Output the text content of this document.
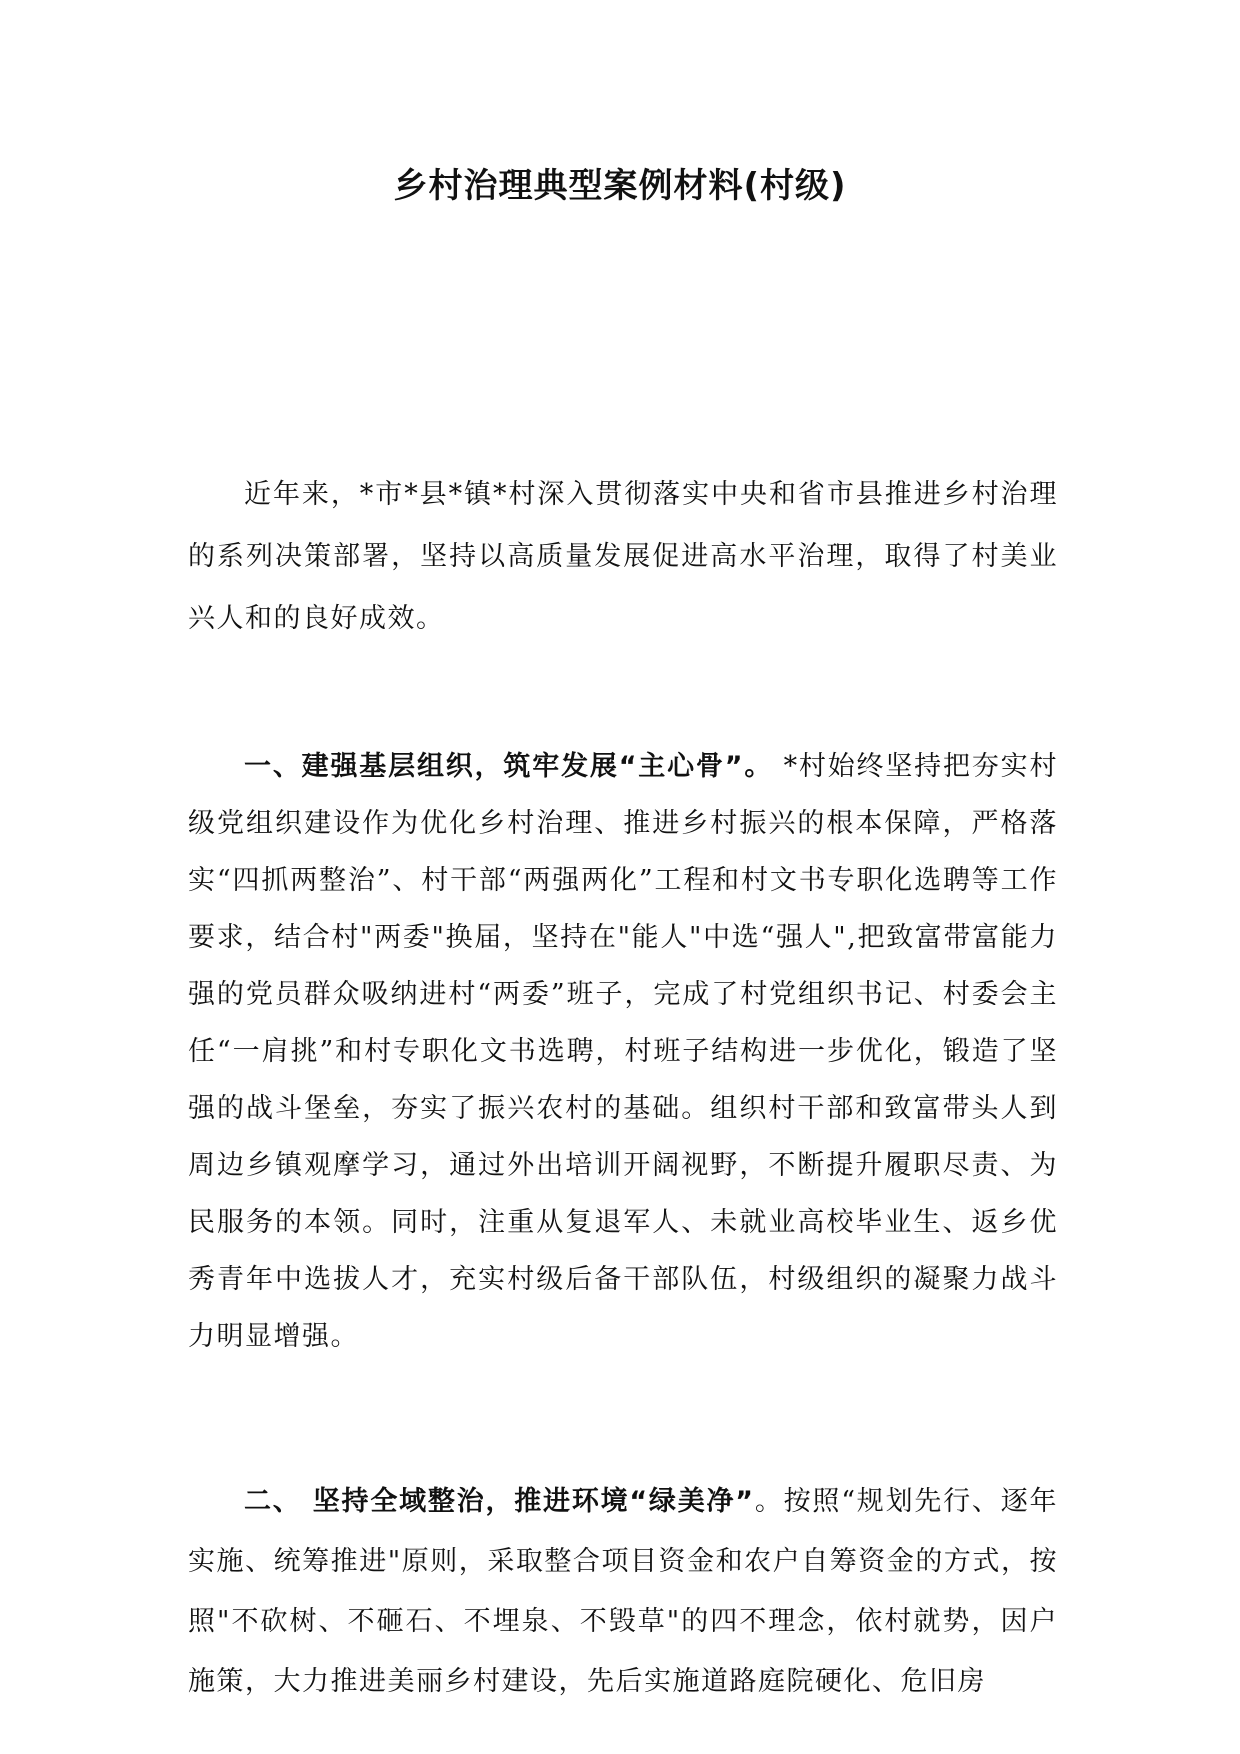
乡村治理典型案例材料(村级)

近年来，*市*县*镇*村深入贯彻落实中央和省市县推进乡村治理的系列决策部署，坚持以高质量发展促进高水平治理，取得了村美业兴人和的良好成效。

一、建强基层组织，筑牢发展“主心骨”。 *村始终坚持把夯实村级党组织建设作为优化乡村治理、推进乡村振兴的根本保障，严格落实“四抓两整治”、村干部“两强两化”工程和村文书专职化选聘等工作要求，结合村"两委"换届，坚持在"能人"中选“强人",把致富带富能力强的党员群众吸纳进村“两委”班子，完成了村党组织书记、村委会主任“一肩挑”和村专职化文书选聘，村班子结构进一步优化，锻造了坚强的战斗堡垒，夯实了振兴农村的基础。组织村干部和致富带头人到周边乡镇观摩学习，通过外出培训开阔视野，不断提升履职尽责、为民服务的本领。同时，注重从复退军人、未就业高校毕业生、返乡优秀青年中选拔人才，充实村级后备干部队伍，村级组织的凝聚力战斗力明显增强。

二、 坚持全域整治，推进环境“绿美净”。按照“规划先行、逐年实施、统筹推进"原则，采取整合项目资金和农户自筹资金的方式，按照"不砍树、不砸石、不埋泉、不毁草"的四不理念，依村就势，因户施策，大力推进美丽乡村建设，先后实施道路庭院硬化、危旧房
